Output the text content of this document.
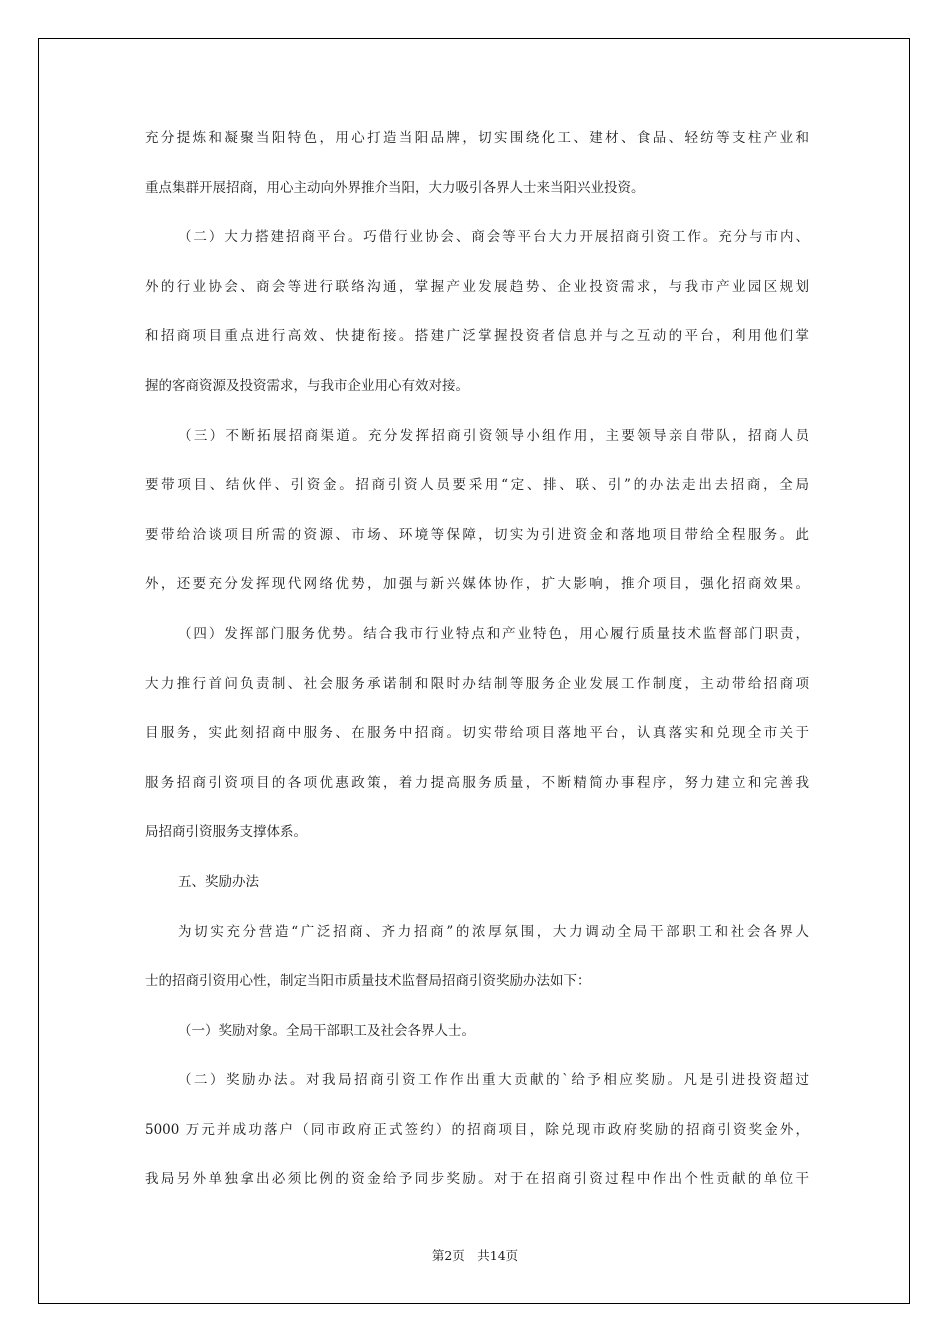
充分提炼和凝聚当阳特色，用心打造当阳品牌，切实围绕化工、建材、食品、轻纺等支柱产业和
重点集群开展招商，用心主动向外界推介当阳，大力吸引各界人士来当阳兴业投资。
（二）大力搭建招商平台。巧借行业协会、商会等平台大力开展招商引资工作。充分与市内、
外的行业协会、商会等进行联络沟通，掌握产业发展趋势、企业投资需求，与我市产业园区规划
和招商项目重点进行高效、快捷衔接。搭建广泛掌握投资者信息并与之互动的平台，利用他们掌
握的客商资源及投资需求，与我市企业用心有效对接。
（三）不断拓展招商渠道。充分发挥招商引资领导小组作用，主要领导亲自带队，招商人员
要带项目、结伙伴、引资金。招商引资人员要采用“定、排、联、引”的办法走出去招商，全局
要带给洽谈项目所需的资源、市场、环境等保障，切实为引进资金和落地项目带给全程服务。此
外，还要充分发挥现代网络优势，加强与新兴媒体协作，扩大影响，推介项目，强化招商效果。
（四）发挥部门服务优势。结合我市行业特点和产业特色，用心履行质量技术监督部门职责，
大力推行首问负责制、社会服务承诺制和限时办结制等服务企业发展工作制度，主动带给招商项
目服务，实此刻招商中服务、在服务中招商。切实带给项目落地平台，认真落实和兑现全市关于
服务招商引资项目的各项优惠政策，着力提高服务质量，不断精简办事程序，努力建立和完善我
局招商引资服务支撑体系。
五、奖励办法
为切实充分营造“广泛招商、齐力招商”的浓厚氛围，大力调动全局干部职工和社会各界人
士的招商引资用心性，制定当阳市质量技术监督局招商引资奖励办法如下：
（一）奖励对象。全局干部职工及社会各界人士。
（二）奖励办法。对我局招商引资工作作出重大贡献的`给予相应奖励。凡是引进投资超过
5000 万元并成功落户（同市政府正式签约）的招商项目，除兑现市政府奖励的招商引资奖金外，
我局另外单独拿出必须比例的资金给予同步奖励。对于在招商引资过程中作出个性贡献的单位干
第2页　共14页
